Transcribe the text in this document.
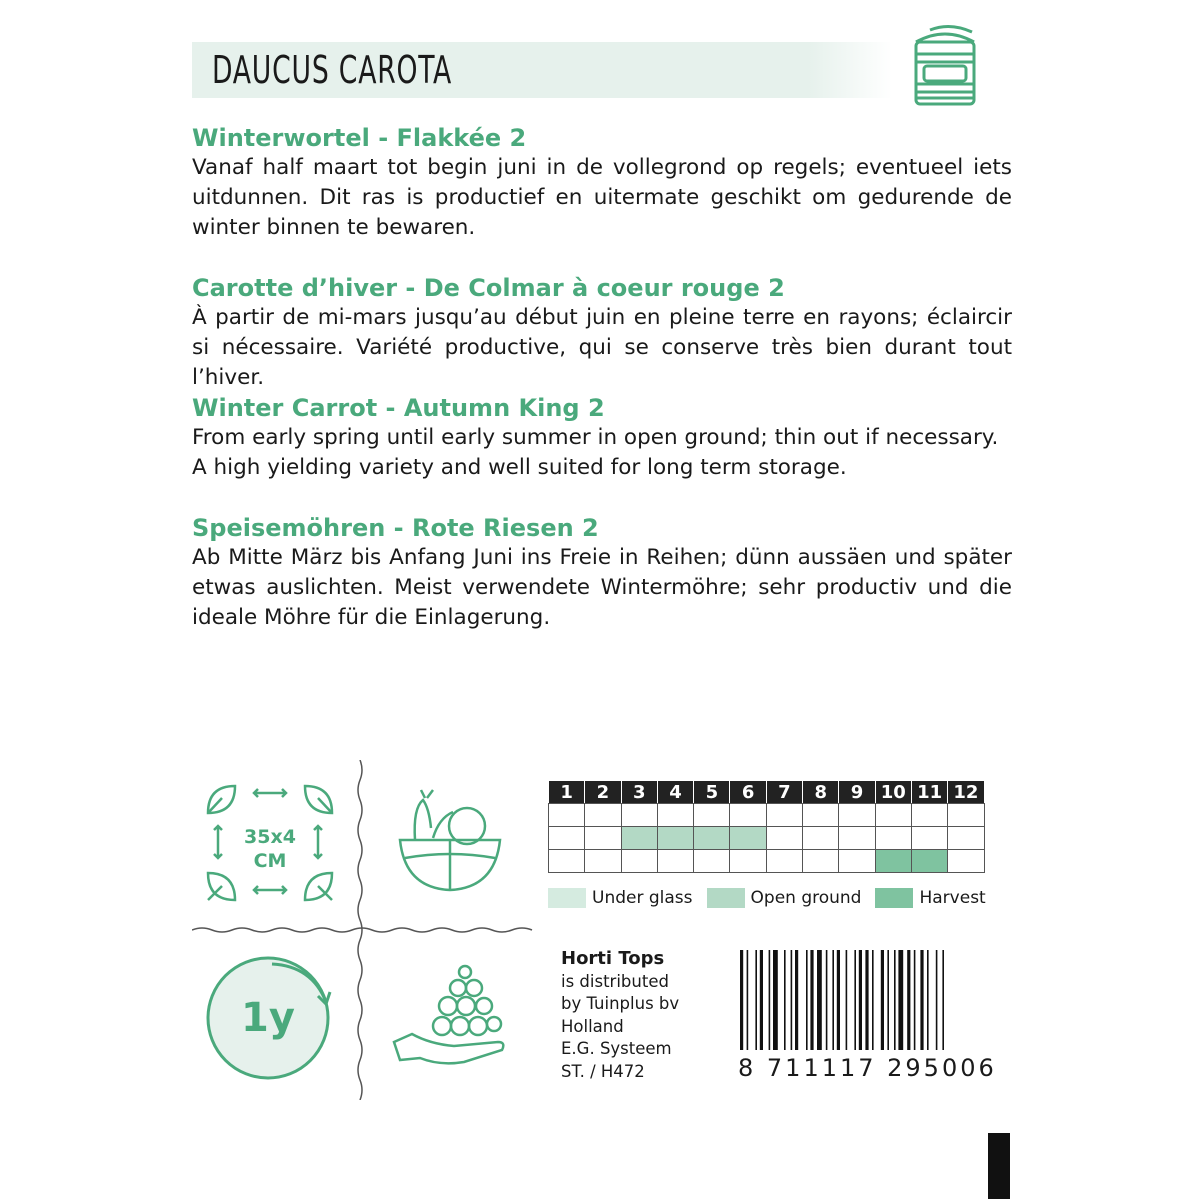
DAUCUS CAROTA
Winterwortel - Flakkée 2

Vanaf half maart tot begin juni in de vollegrond op regels; eventueel iets uitdunnen. Dit ras is productief en uitermate geschikt om gedurende de winter binnen te bewaren.

Carotte d’hiver - De Colmar à coeur rouge 2

À partir de mi-mars jusqu’au début juin en pleine terre en rayons; éclaircir si nécessaire. Variété productive, qui se conserve très bien durant tout l’hiver.

Winter Carrot - Autumn King 2

From early spring until early summer in open ground; thin out if necessary.
A high yielding variety and well suited for long term storage.

Speisemöhren - Rote Riesen 2

Ab Mitte März bis Anfang Juni ins Freie in Reihen; dünn aussäen und später etwas auslichten. Meist verwendete Wintermöhre; sehr productiv und die ideale Möhre für die Einlagerung.

35x4
CM
1y
1	2	3	4	5	6	7	8	9 10 11 12
Under glass	Open ground	Harvest
Horti Tops
is distributed
by Tuinplus bv
Holland
E.G. Systeem
ST. / H472	8 711117 295006
